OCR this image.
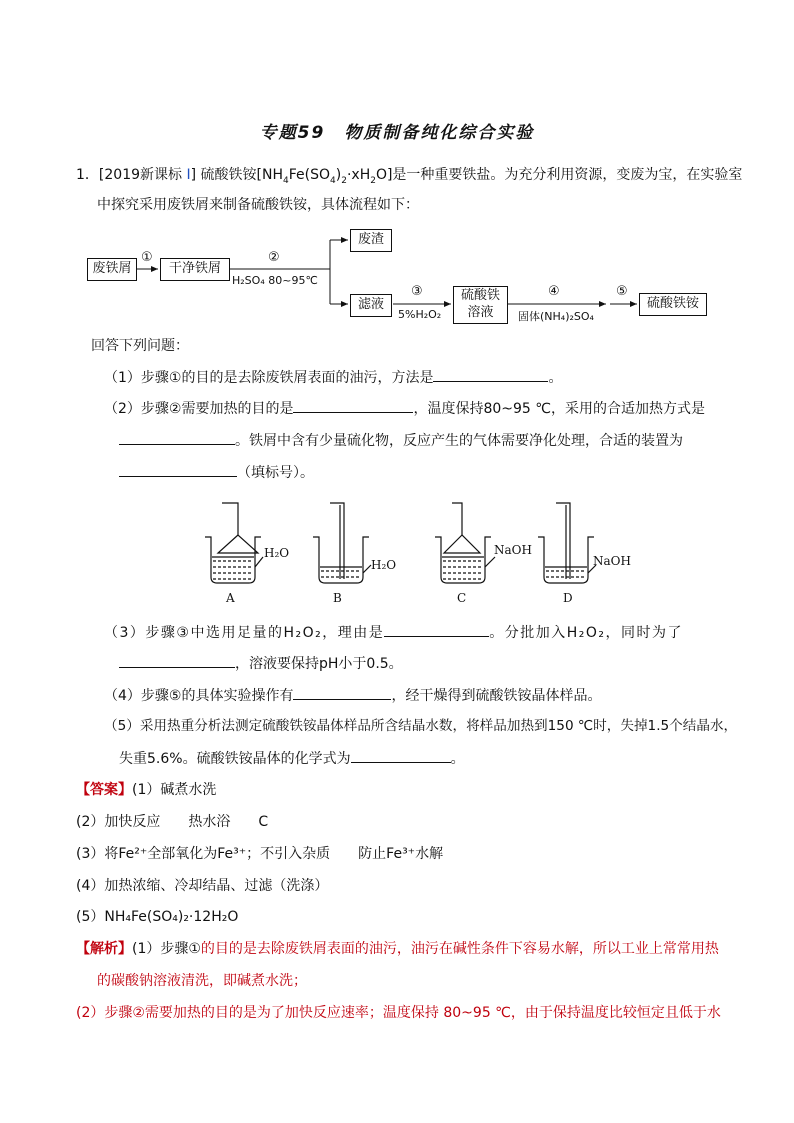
专题59　物质制备纯化综合实验
1．[2019新课标 Ⅰ] 硫酸铁铵$[NH_4Fe(SO_4)_2\cdot xH_2O]$是一种重要铁盐。为充分利用资源，变废为宝，在实验室
中探究采用废铁屑来制备硫酸铁铵，具体流程如下：
废铁屑
①
干净铁屑
②
H₂SO₄ 80~95℃
废渣
滤液
③
5%H₂O₂
硫酸铁
溶液
④
固体(NH₄)₂SO₄
⑤
硫酸铁铵
回答下列问题：
（1）步骤①的目的是去除废铁屑表面的油污，方法是	。
（2）步骤②需要加热的目的是	，温度保持80~95 ℃，采用的合适加热方式是
。铁屑中含有少量硫化物，反应产生的气体需要净化处理，合适的装置为
（填标号）。
H₂O
H₂O
NaOH
NaOH
A	B	C	D
（3）步骤③中选用足量的H₂O₂，理由是	。分批加入H₂O₂，同时为了
，溶液要保持pH小于0.5。
（4）步骤⑤的具体实验操作有	，经干燥得到硫酸铁铵晶体样品。
（5）采用热重分析法测定硫酸铁铵晶体样品所含结晶水数，将样品加热到150 ℃时，失掉1.5个结晶水，
失重5.6%。硫酸铁铵晶体的化学式为	。
【答案】(1）碱煮水洗
(2）加快反应　　热水浴　　C
(3）将Fe²⁺全部氧化为Fe³⁺；不引入杂质　　防止Fe³⁺水解
(4）加热浓缩、冷却结晶、过滤（洗涤）
(5）NH₄Fe(SO₄)₂·12H₂O
【解析】(1）步骤①的目的是去除废铁屑表面的油污，油污在碱性条件下容易水解，所以工业上常常用热
的碳酸钠溶液清洗，即碱煮水洗；
(2）步骤②需要加热的目的是为了加快反应速率；温度保持 80~95 ℃，由于保持温度比较恒定且低于水
